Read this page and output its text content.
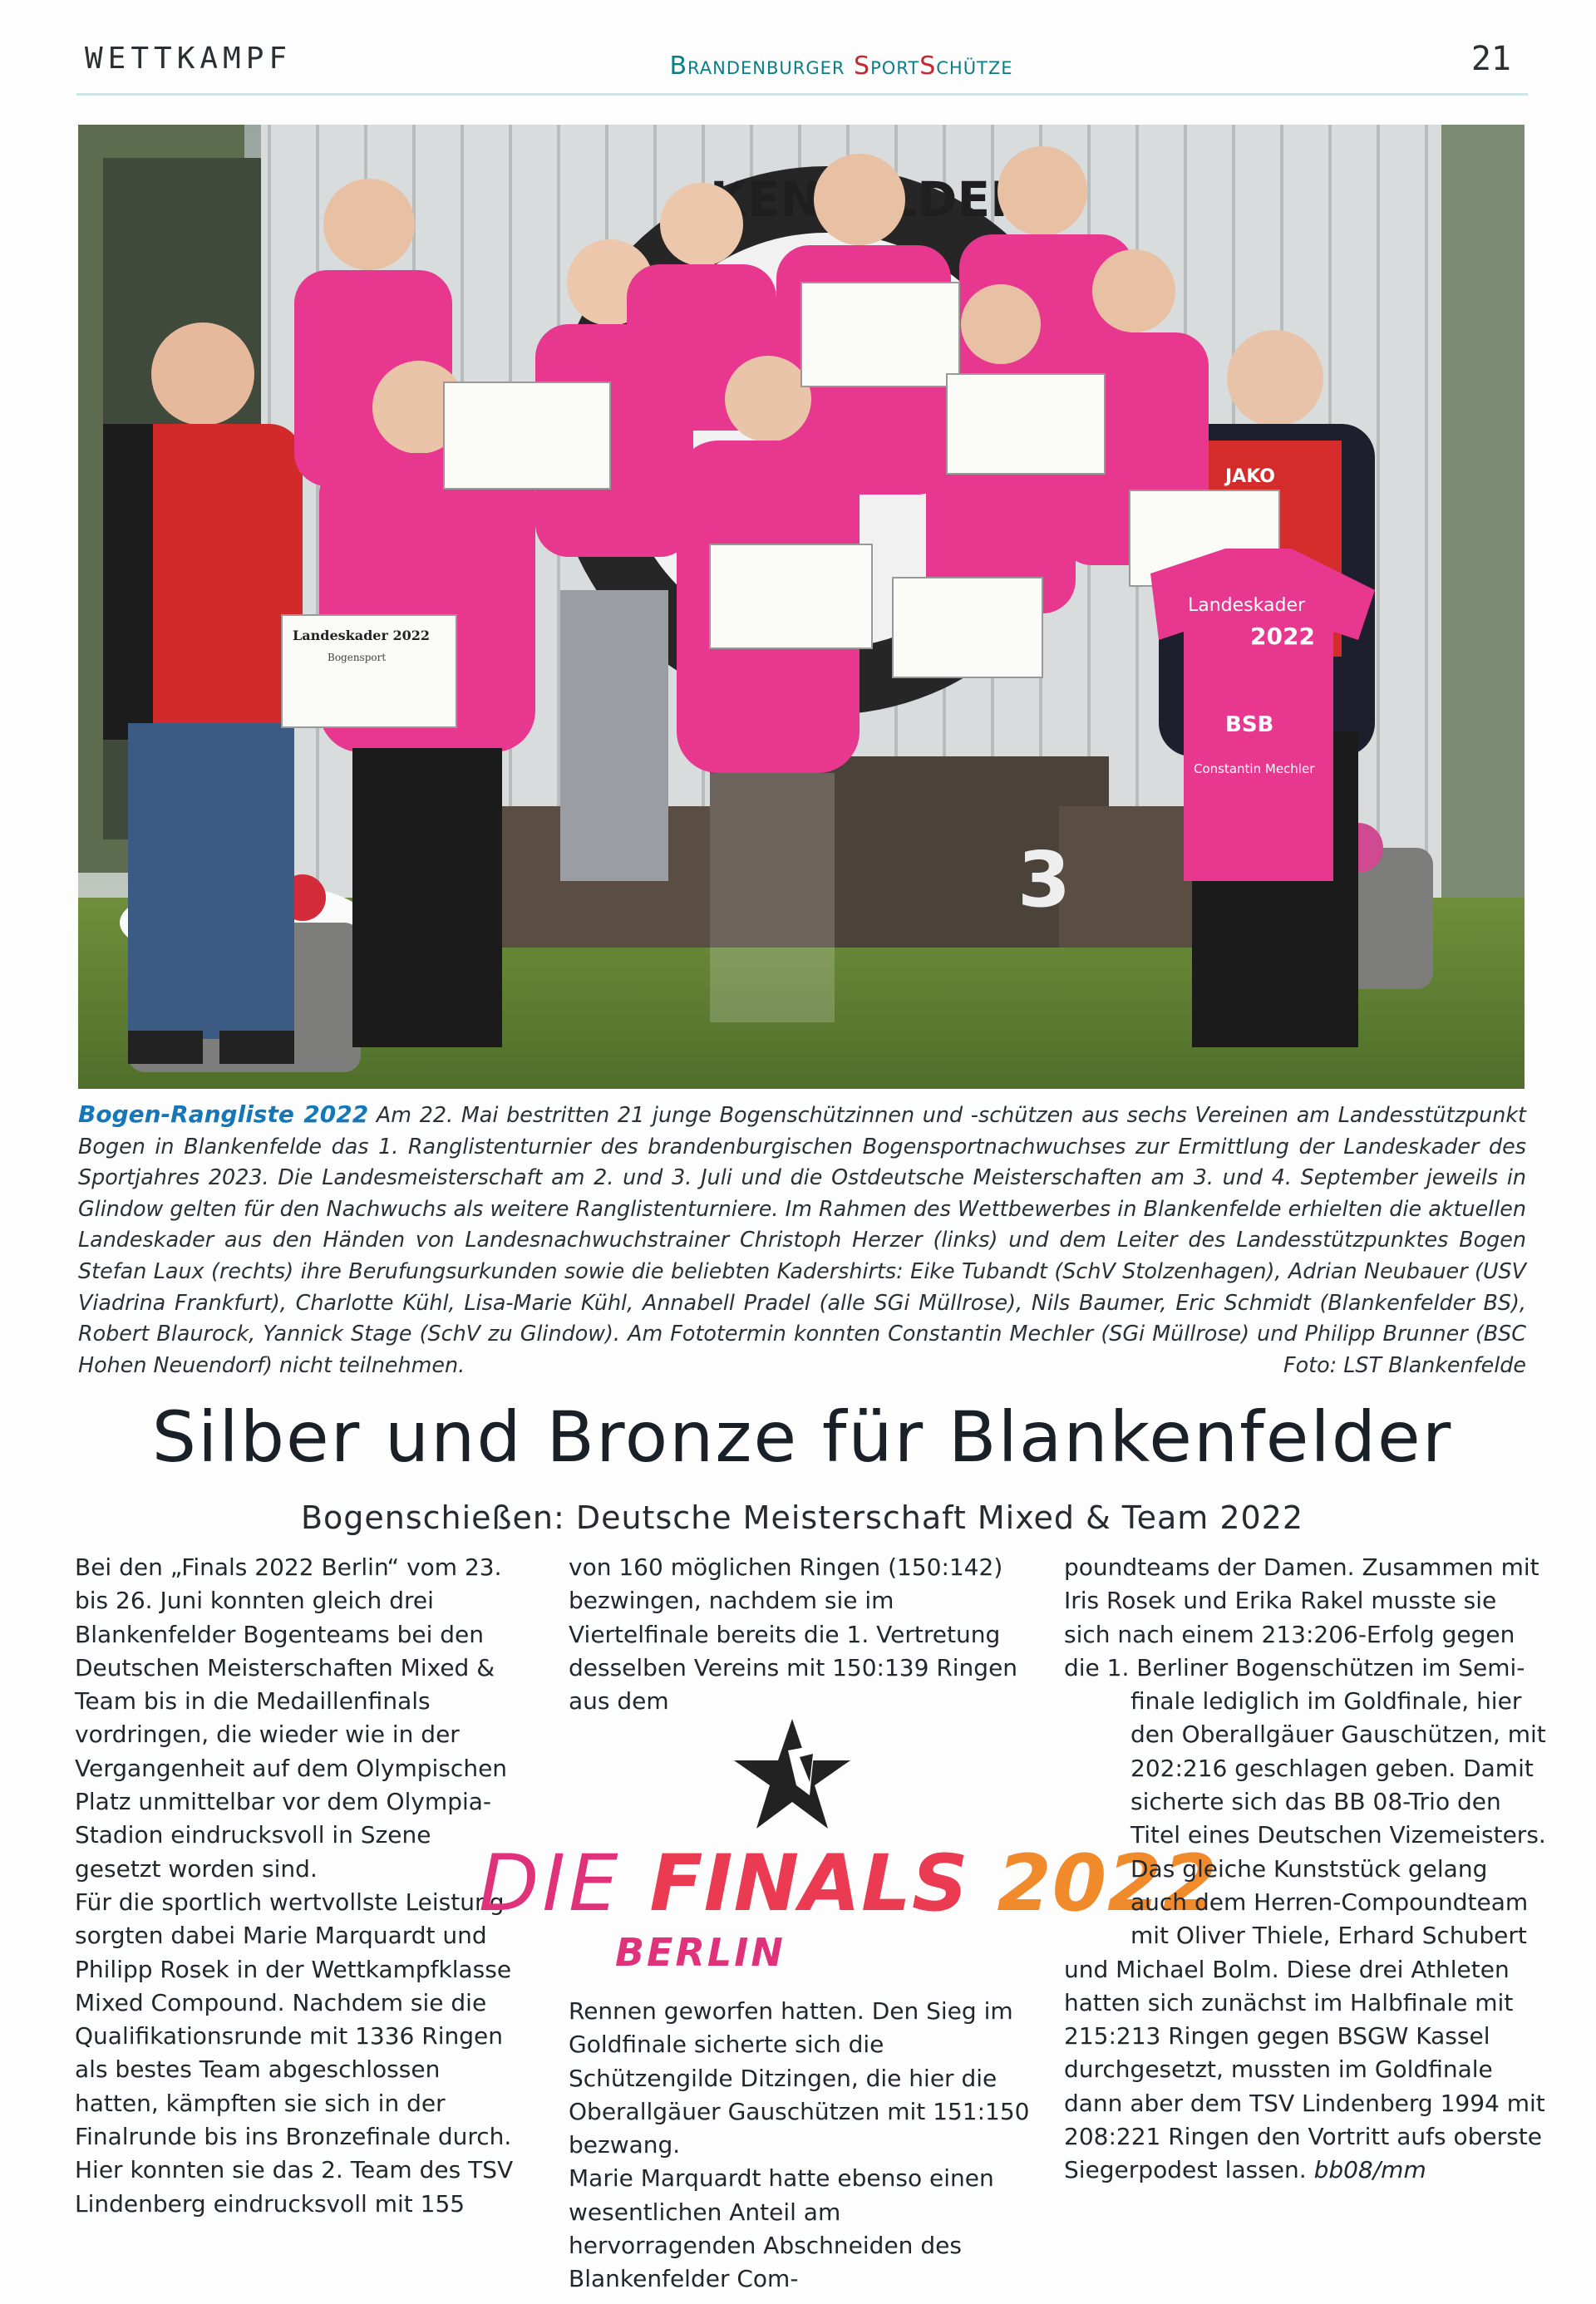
WETTKAMPF	Brandenburger SportSchütze	21
3
JAKO
Landeskader 2022
Bogensport
Landeskader
2022
BSB
Constantin Mechler
Bogen-Rangliste 2022 Am 22. Mai bestritten 21 junge Bogenschützinnen und -schützen aus sechs Vereinen am Landesstützpunkt Bogen in Blankenfelde das 1. Ranglistenturnier des brandenburgischen Bogensportnachwuchses zur Ermittlung der Landeskader des Sportjahres 2023. Die Landesmeisterschaft am 2. und 3. Juli und die Ostdeutsche Meisterschaften am 3. und 4. September jeweils in Glindow gelten für den Nachwuchs als weitere Ranglistenturniere. Im Rahmen des Wettbewerbes in Blankenfelde erhielten die aktuellen Landeskader aus den Händen von Landesnachwuchstrainer Christoph Herzer (links) und dem Leiter des Landesstützpunktes Bogen Stefan Laux (rechts) ihre Berufungsurkunden sowie die beliebten Kadershirts: Eike Tubandt (SchV Stolzenhagen), Adrian Neubauer (USV Viadrina Frankfurt), Charlotte Kühl, Lisa-Marie Kühl, Annabell Pradel (alle SGi Müllrose), Nils Baumer, Eric Schmidt (Blankenfelder BS), Robert Blaurock, Yannick Stage (SchV zu Glindow). Am Fototermin konnten Constantin Mechler (SGi Müllrose) und Philipp Brunner (BSC Hohen Neuendorf) nicht teilnehmen.	Foto: LST Blankenfelde
Silber und Bronze für Blankenfelder
Bogenschießen: Deutsche Meisterschaft Mixed & Team 2022

Bei den „Finals 2022 Berlin“ vom 23. bis 26. Juni konnten gleich drei Blankenfelder Bogenteams bei den Deutschen Meisterschaften Mixed & Team bis in die Medaillenfinals vordringen, die wieder wie in der Vergangenheit auf dem Olympischen Platz unmittelbar vor dem Olympia-Stadion eindrucksvoll in Szene gesetzt worden sind.

Für die sportlich wertvollste Leistung sorgten dabei Marie Marquardt und Philipp Rosek in der Wettkampfklasse Mixed Compound. Nachdem sie die Qualifikationsrunde mit 1336 Ringen als bestes Team abgeschlossen hatten, kämpften sie sich in der Finalrunde bis ins Bronzefinale durch. Hier konnten sie das 2. Team des TSV Lindenberg eindrucksvoll mit 155

von 160 möglichen Ringen (150:142) bezwingen, nachdem sie im Viertelfinale bereits die 1. Vertretung desselben Vereins mit 150:139 Ringen aus dem

DIE FINALS 2022
BERLIN

Rennen geworfen hatten. Den Sieg im Goldfinale sicherte sich die Schützengilde Ditzingen, die hier die Oberallgäuer Gauschützen mit 151:150 bezwang.

Marie Marquardt hatte ebenso einen wesentlichen Anteil am hervorragenden Abschneiden des Blankenfelder Com-

poundteams der Damen. Zusammen mit Iris Rosek und Erika Rakel musste sie sich nach einem 213:206-Erfolg gegen die 1. Berliner Bogenschützen im Semi-

finale lediglich im Goldfinale, hier den Oberallgäuer Gauschützen, mit 202:216 geschlagen geben. Damit sicherte sich das BB 08-Trio den Titel eines Deutschen Vizemeisters.

Das gleiche Kunststück gelang auch dem Herren-Compoundteam mit Oliver Thiele, Erhard Schubert

und Michael Bolm. Diese drei Athleten hatten sich zunächst im Halbfinale mit 215:213 Ringen gegen BSGW Kassel durchgesetzt, mussten im Goldfinale dann aber dem TSV Lindenberg 1994 mit 208:221 Ringen den Vortritt aufs oberste Siegerpodest lassen. bb08/mm
